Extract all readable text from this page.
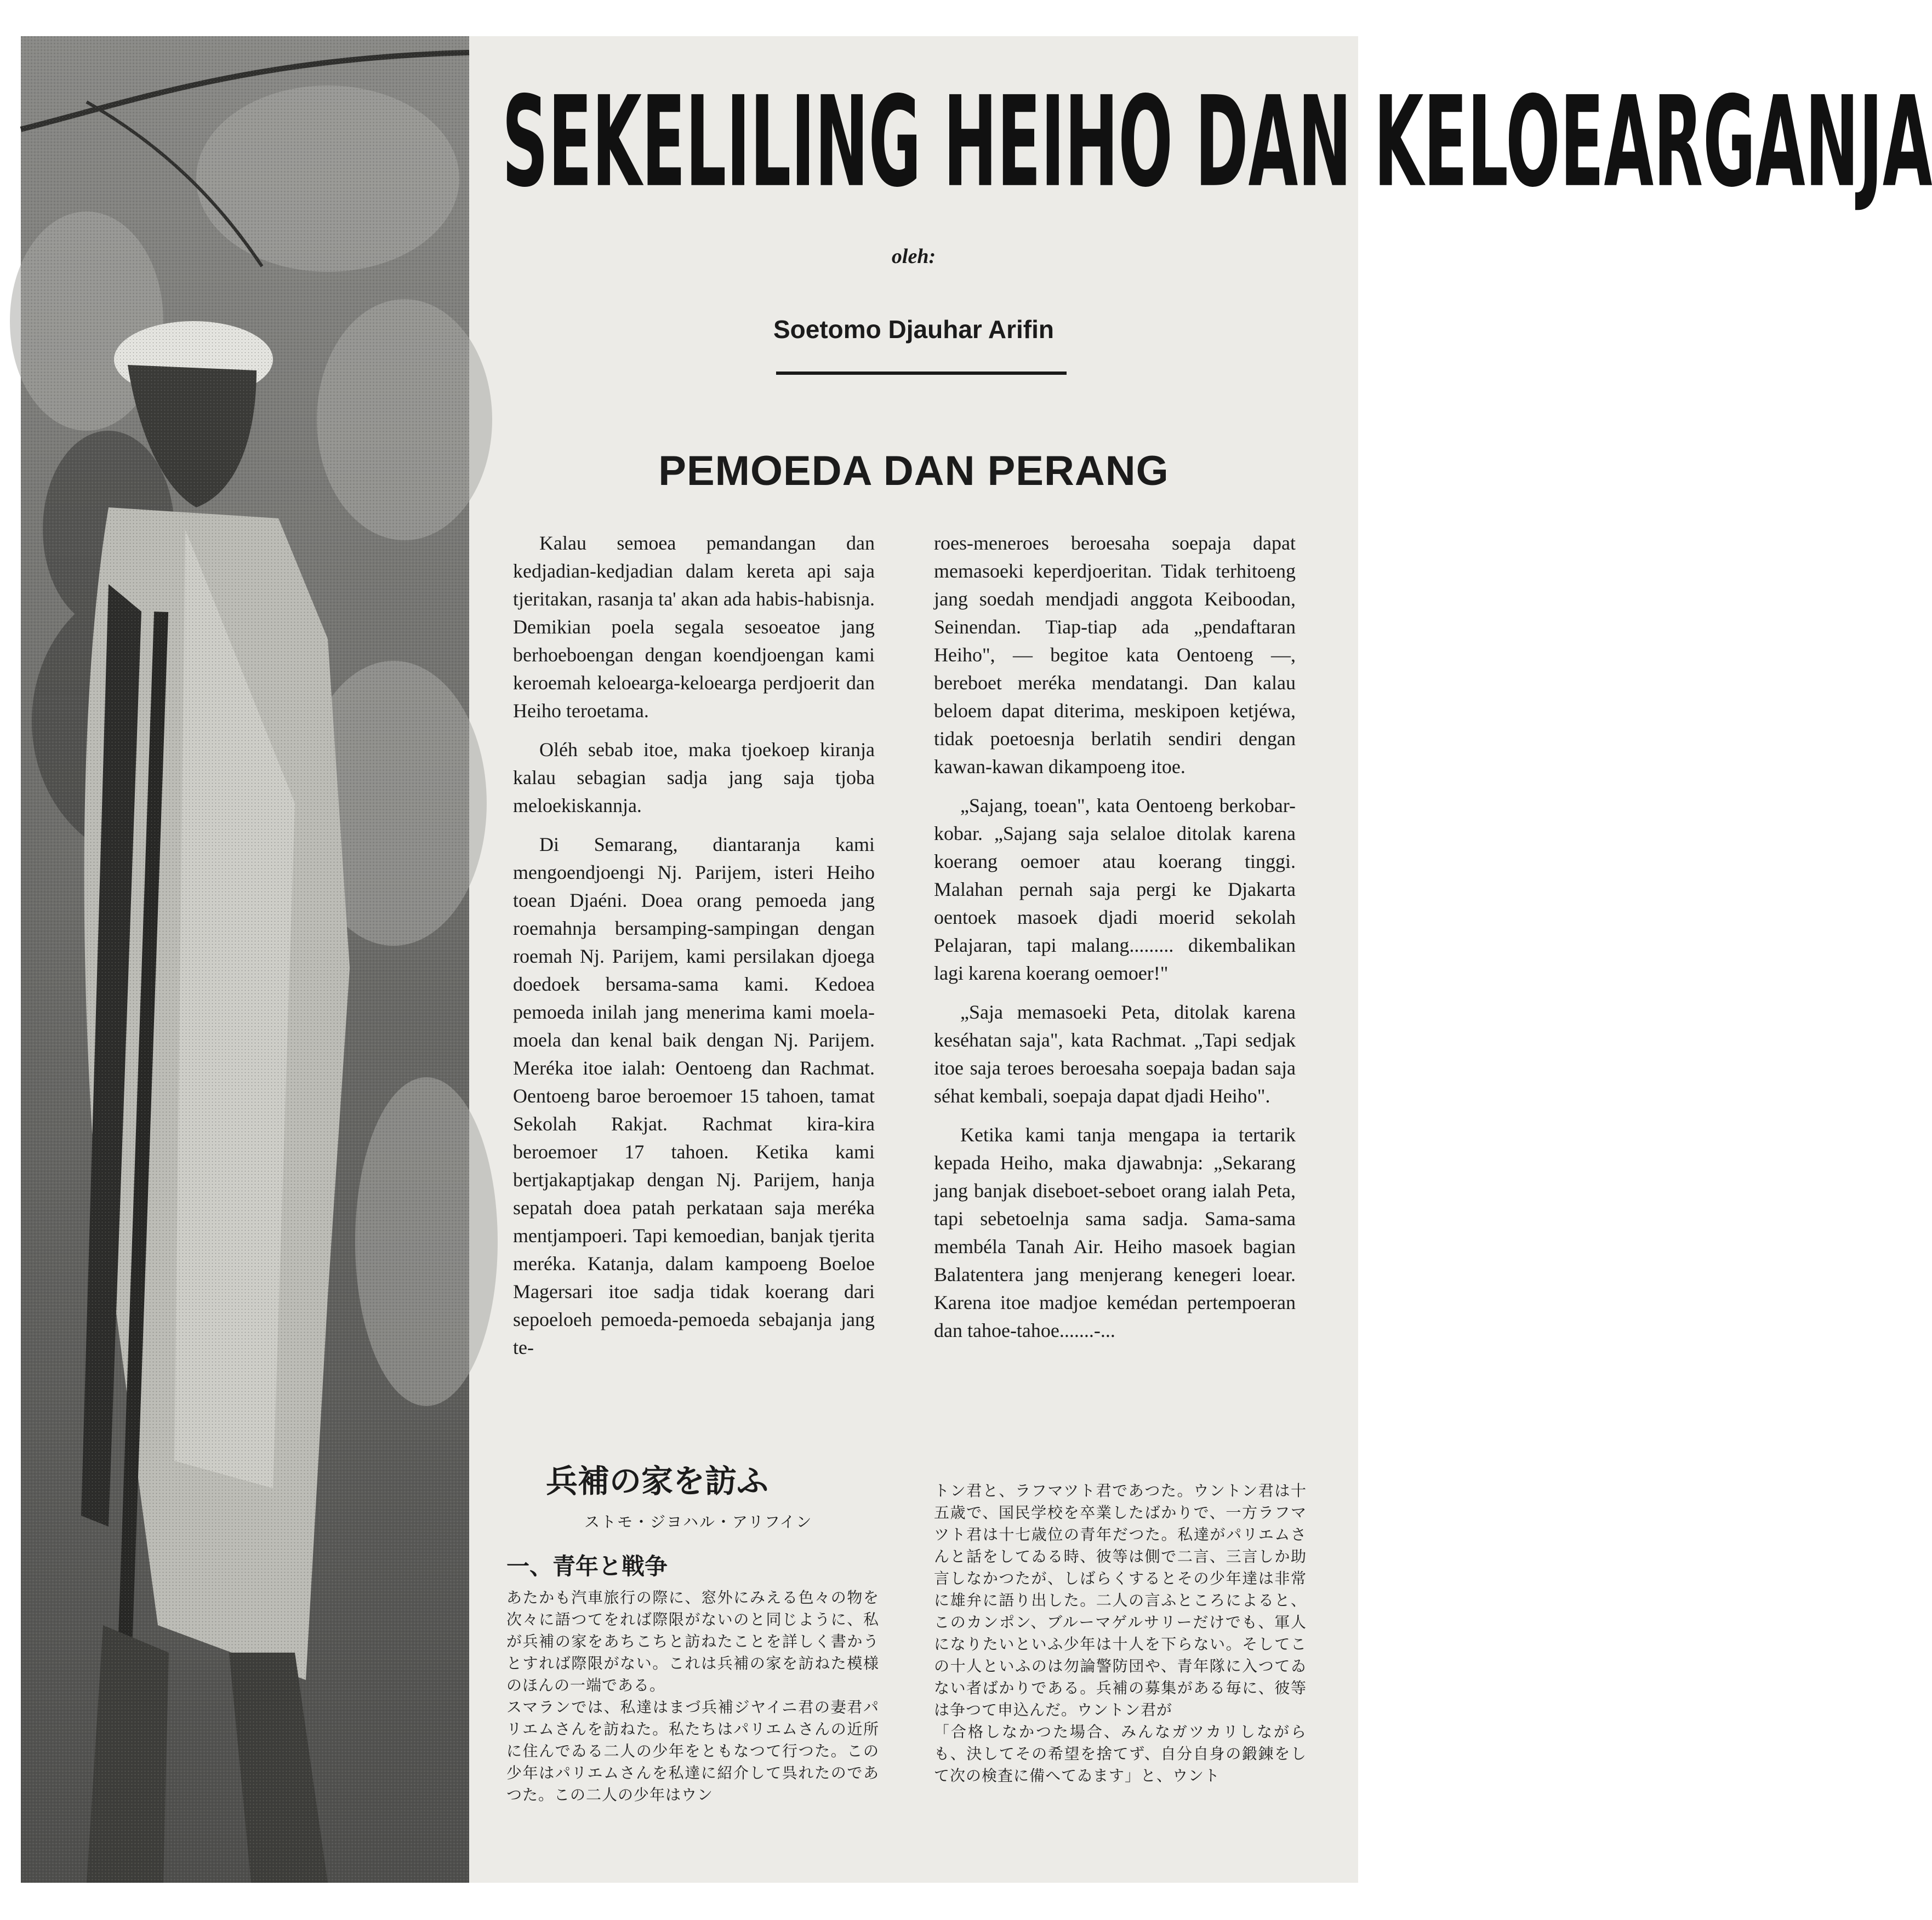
SEKELILING HEIHO DAN KELOEARGANJA
oleh:
Soetomo Djauhar Arifin
PEMOEDA DAN PERANG

Kalau semoea pemandangan dan kedjadian-kedjadian dalam kereta api saja tjeritakan, rasanja ta' akan ada habis-habisnja. Demikian poela segala sesoeatoe jang berhoeboengan dengan koendjoengan kami keroemah keloearga-keloearga perdjoerit dan Heiho teroetama.

Oléh sebab itoe, maka tjoekoep kiranja kalau sebagian sadja jang saja tjoba meloekiskannja.

Di Semarang, diantaranja kami mengoendjoengi Nj. Parijem, isteri Heiho toean Djaéni. Doea orang pemoeda jang roemahnja bersamping-sampingan dengan roemah Nj. Parijem, kami persilakan djoega doedoek bersama-sama kami. Kedoea pemoeda inilah jang menerima kami moela-moela dan kenal baik dengan Nj. Parijem. Meréka itoe ialah: Oentoeng dan Rachmat. Oentoeng baroe beroemoer 15 tahoen, tamat Sekolah Rakjat. Rachmat kira-kira beroemoer 17 tahoen. Ketika kami bertjakaptjakap dengan Nj. Parijem, hanja sepatah doea patah perkataan saja meréka mentjampoeri. Tapi kemoedian, banjak tjerita meréka. Katanja, dalam kampoeng Boeloe Magersari itoe sadja tidak koerang dari sepoeloeh pemoeda-pemoeda sebajanja jang te-

roes-meneroes beroesaha soepaja dapat memasoeki keperdjoeritan. Tidak terhitoeng jang soedah mendjadi anggota Keiboodan, Seinendan. Tiap-tiap ada „pendaftaran Heiho", — begitoe kata Oentoeng —, bereboet meréka mendatangi. Dan kalau beloem dapat diterima, meskipoen ketjéwa, tidak poetoesnja berlatih sendiri dengan kawan-kawan dikampoeng itoe.

„Sajang, toean", kata Oentoeng berkobar-kobar. „Sajang saja selaloe ditolak karena koerang oemoer atau koerang tinggi. Malahan pernah saja pergi ke Djakarta oentoek masoek djadi moerid sekolah Pelajaran, tapi malang......... dikembalikan lagi karena koerang oemoer!"

„Saja memasoeki Peta, ditolak karena keséhatan saja", kata Rachmat. „Tapi sedjak itoe saja teroes beroesaha soepaja badan saja séhat kembali, soepaja dapat djadi Heiho".

Ketika kami tanja mengapa ia tertarik kepada Heiho, maka djawabnja: „Sekarang jang banjak diseboet-seboet orang ialah Peta, tapi sebetoelnja sama sadja. Sama-sama membéla Tanah Air. Heiho masoek bagian Balatentera jang menjerang kenegeri loear. Karena itoe madjoe kemédan pertempoeran dan tahoe-tahoe.......-...

兵補の家を訪ふ
ストモ・ジヨハル・アリフイン
一、青年と戦争

あたかも汽車旅行の際に、窓外にみえる色々の物を次々に語つてをれば際限がないのと同じように、私が兵補の家をあちこちと訪ねたことを詳しく書かうとすれば際限がない。これは兵補の家を訪ねた模様のほんの一端である。

スマランでは、私達はまづ兵補ジヤイニ君の妻君パリエムさんを訪ねた。私たちはパリエムさんの近所に住んでゐる二人の少年をともなつて行つた。この少年はパリエムさんを私達に紹介して呉れたのであつた。この二人の少年はウン

トン君と、ラフマツト君であつた。ウントン君は十五歳で、国民学校を卒業したばかりで、一方ラフマツト君は十七歳位の青年だつた。私達がパリエムさんと話をしてゐる時、彼等は側で二言、三言しか助言しなかつたが、しばらくするとその少年達は非常に雄弁に語り出した。二人の言ふところによると、このカンポン、ブルーマゲルサリーだけでも、軍人になりたいといふ少年は十人を下らない。そしてこの十人といふのは勿論警防団や、青年隊に入つてゐない者ばかりである。兵補の募集がある毎に、彼等は争つて申込んだ。ウントン君が

「合格しなかつた場合、みんなガツカリしながらも、決してその希望を捨てず、自分自身の鍛錬をして次の検査に備へてゐます」と、ウント
